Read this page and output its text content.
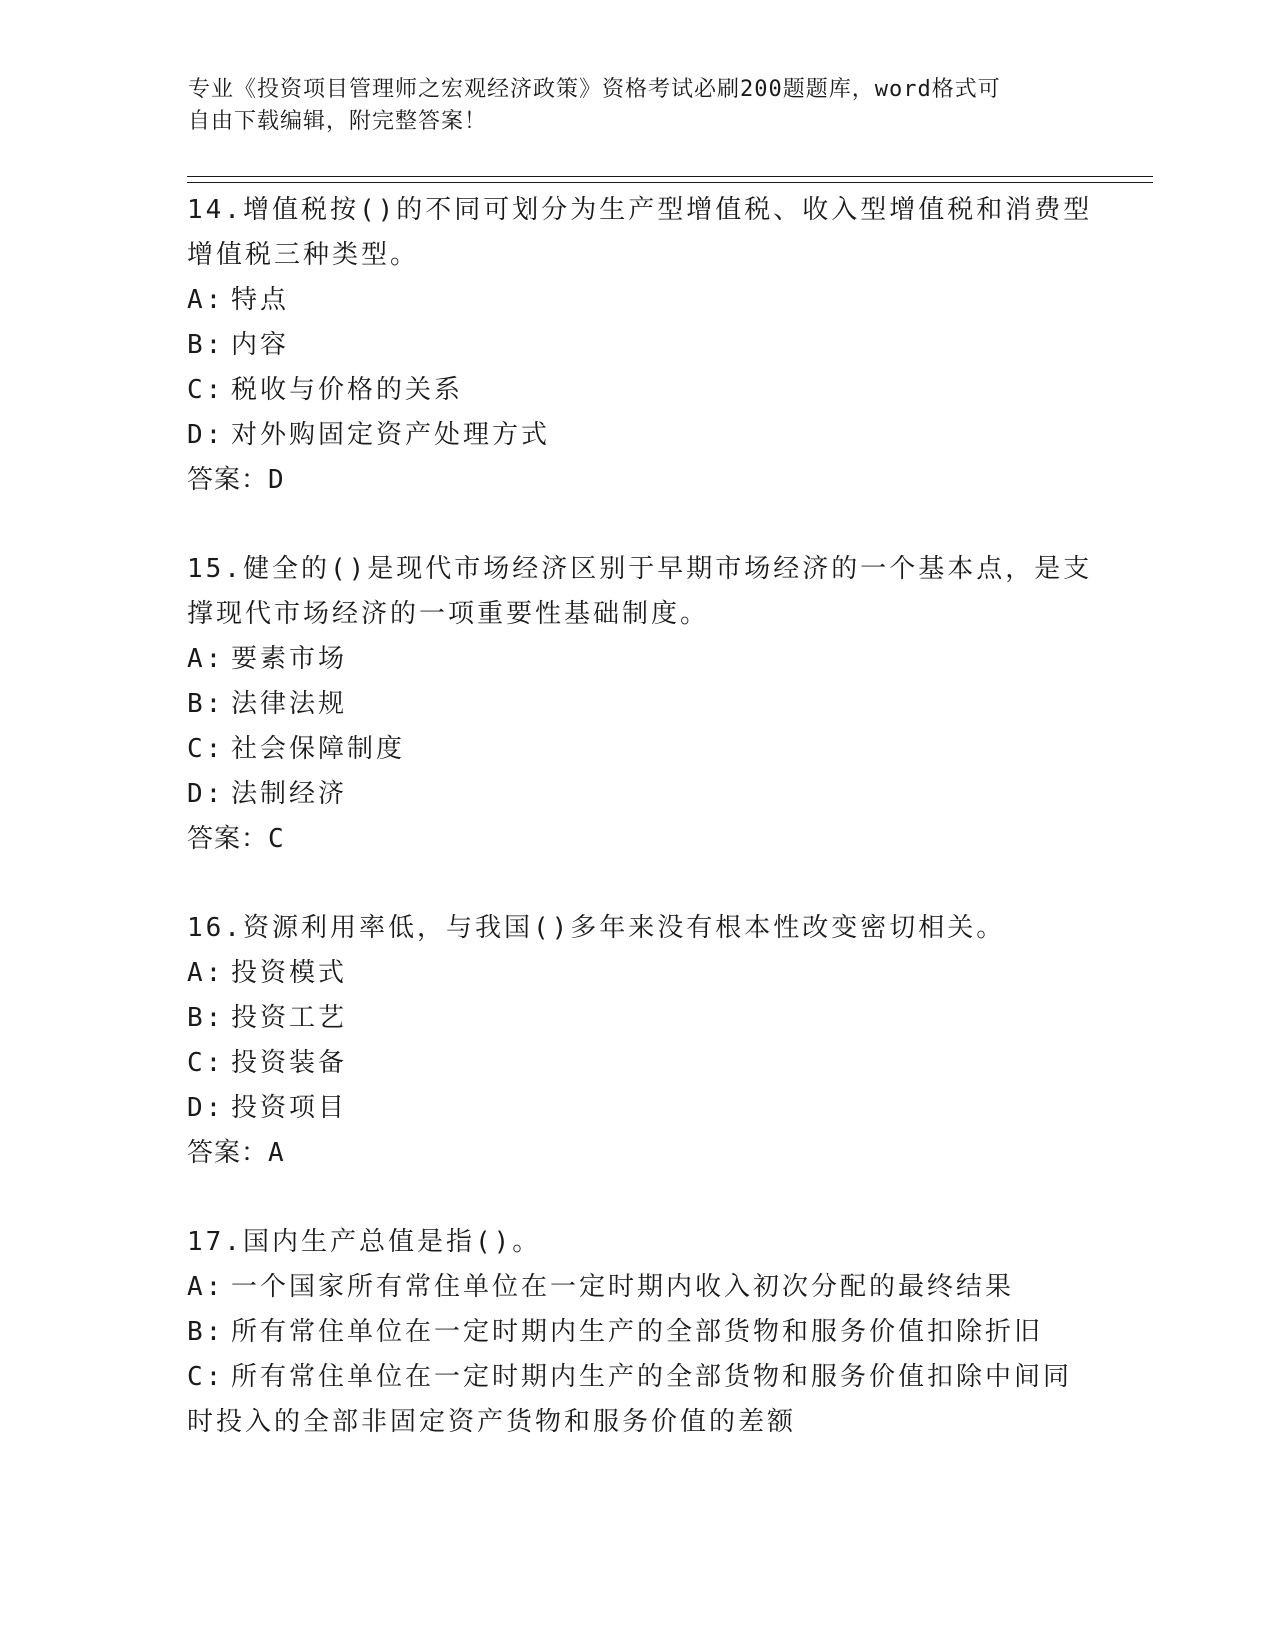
专业《投资项目管理师之宏观经济政策》资格考试必刷200题题库，word格式可
自由下载编辑，附完整答案！

14.增值税按()的不同可划分为生产型增值税、收入型增值税和消费型
增值税三种类型。

A: 特点
B: 内容
C: 税收与价格的关系
D: 对外购固定资产处理方式
答案：D

15.健全的()是现代市场经济区别于早期市场经济的一个基本点，是支
撑现代市场经济的一项重要性基础制度。

A: 要素市场
B: 法律法规
C: 社会保障制度
D: 法制经济
答案：C

16.资源利用率低，与我国()多年来没有根本性改变密切相关。

A: 投资模式
B: 投资工艺
C: 投资装备
D: 投资项目
答案：A

17.国内生产总值是指()。

A: 一个国家所有常住单位在一定时期内收入初次分配的最终结果
B: 所有常住单位在一定时期内生产的全部货物和服务价值扣除折旧
C: 所有常住单位在一定时期内生产的全部货物和服务价值扣除中间同
时投入的全部非固定资产货物和服务价值的差额
